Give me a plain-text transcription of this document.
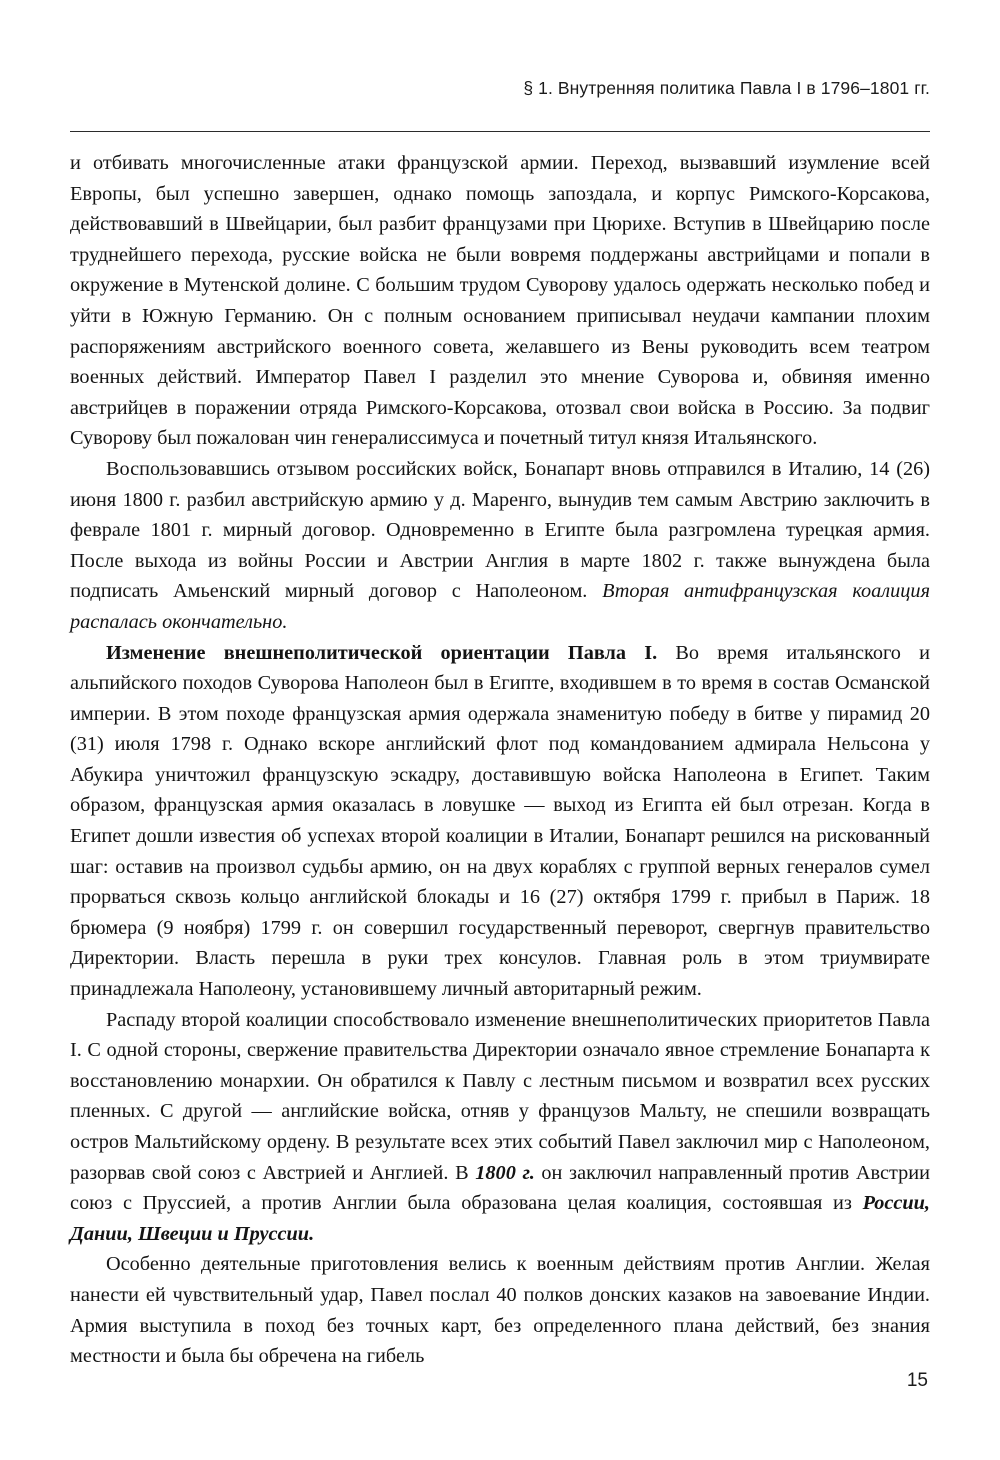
§ 1. Внутренняя политика Павла I в 1796–1801 гг.

и отбивать многочисленные атаки французской армии. Переход, вызвавший изумление всей Европы, был успешно завершен, однако помощь запоздала, и корпус Римского-Корсакова, действовавший в Швейцарии, был разбит французами при Цюрихе. Вступив в Швейцарию после труднейшего перехода, русские войска не были вовремя поддержаны австрийцами и попали в окружение в Мутенской долине. С большим трудом Суворову удалось одержать несколько побед и уйти в Южную Германию. Он с полным основанием приписывал неудачи кампании плохим распоряжениям австрийского военного совета, желавшего из Вены руководить всем театром военных действий. Император Павел I разделил это мнение Суворова и, обвиняя именно австрийцев в поражении отряда Римского-Корсакова, отозвал свои войска в Россию. За подвиг Суворову был пожалован чин генералиссимуса и почетный титул князя Итальянского.

Воспользовавшись отзывом российских войск, Бонапарт вновь отправился в Италию, 14 (26) июня 1800 г. разбил австрийскую армию у д. Маренго, вынудив тем самым Австрию заключить в феврале 1801 г. мирный договор. Одновременно в Египте была разгромлена турецкая армия. После выхода из войны России и Австрии Англия в марте 1802 г. также вынуждена была подписать Амьенский мирный договор с Наполеоном. Вторая антифранцузская коалиция распалась окончательно.

Изменение внешнеполитической ориентации Павла I. Во время итальянского и альпийского походов Суворова Наполеон был в Египте, входившем в то время в состав Османской империи. В этом походе французская армия одержала знаменитую победу в битве у пирамид 20 (31) июля 1798 г. Однако вскоре английский флот под командованием адмирала Нельсона у Абукира уничтожил французскую эскадру, доставившую войска Наполеона в Египет. Таким образом, французская армия оказалась в ловушке — выход из Египта ей был отрезан. Когда в Египет дошли известия об успехах второй коалиции в Италии, Бонапарт решился на рискованный шаг: оставив на произвол судьбы армию, он на двух кораблях с группой верных генералов сумел прорваться сквозь кольцо английской блокады и 16 (27) октября 1799 г. прибыл в Париж. 18 брюмера (9 ноября) 1799 г. он совершил государственный переворот, свергнув правительство Директории. Власть перешла в руки трех консулов. Главная роль в этом триумвирате принадлежала Наполеону, установившему личный авторитарный режим.

Распаду второй коалиции способствовало изменение внешнеполитических приоритетов Павла I. С одной стороны, свержение правительства Директории означало явное стремление Бонапарта к восстановлению монархии. Он обратился к Павлу с лестным письмом и возвратил всех русских пленных. С другой — английские войска, отняв у французов Мальту, не спешили возвращать остров Мальтийскому ордену. В результате всех этих событий Павел заключил мир с Наполеоном, разорвав свой союз с Австрией и Англией. В 1800 г. он заключил направленный против Австрии союз с Пруссией, а против Англии была образована целая коалиция, состоявшая из России, Дании, Швеции и Пруссии.

Особенно деятельные приготовления велись к военным действиям против Англии. Желая нанести ей чувствительный удар, Павел послал 40 полков донских казаков на завоевание Индии. Армия выступила в поход без точных карт, без определенного плана действий, без знания местности и была бы обречена на гибель

15
